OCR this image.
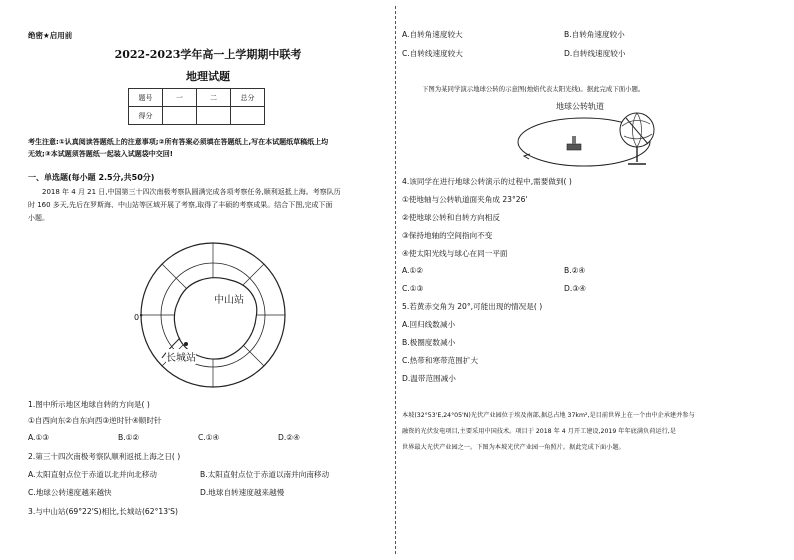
绝密★启用前
2022-2023学年高一上学期期中联考
地理试题
题号	一	二	总分
得分			
考生注意:①认真阅读答题纸上的注意事项;②所有答案必须填在答题纸上,写在本试题纸草稿纸上均
无效;③本试题须答题纸一起装入试题袋中交回!
一、单选题(每小题 2.5分,共50分)
2018 年 4 月 21 日,中国第三十四次南极考察队圆满完成各项考察任务,顺利返抵上海。考察队历
时 160 多天,先后在罗斯海、中山站等区域开展了考察,取得了丰硕的考察成果。结合下图,完成下面
小题。
中山站
长城站
0°
1.图中所示地区地球自转的方向是( )
①自西向东②自东向西③逆时针④顺时针
A.①③	B.①②	C.①④	D.②④
2.第三十四次南极考察队顺利返抵上海之日( )
A.太阳直射点位于赤道以北并向北移动	B.太阳直射点位于赤道以南并向南移动
C.地球公转速度越来越快	D.地球自转速度越来越慢
3.与中山站(69°22'S)相比,长城站(62°13'S)
A.自转角速度较大	B.自转角速度较小
C.自转线速度较大	D.自转线速度较小
下图为某同学演示地球公转的示意图(烛焰代表太阳光线)。据此完成下面小题。
地球公转轨道
4.该同学在进行地球公转演示的过程中,需要做到( )
①使地轴与公转轨道面夹角成 23°26'
②使地球公转和自转方向相反
③保持地轴的空间指向不变
④使太阳光线与球心在同一平面
A.①②	B.②④
C.①③	D.③④
5.若黄赤交角为 20°,可能出现的情况是( )
A.回归线数减小
B.极圈度数减小
C.热带和寒带范围扩大
D.温带范围减小
本坡(32°53'E,24°05'N)光伏产业园位于埃及南部,据总占地 37km²,是目前世界上在一个由中企承建并参与
融资的光伏发电项目,主要采用中国技术。项目于 2018 年 4 月开工建设,2019 年年底满负荷运行,是
世界最大光伏产业园之一。下图为本坡光伏产业园一角照片。据此完成下面小题。
